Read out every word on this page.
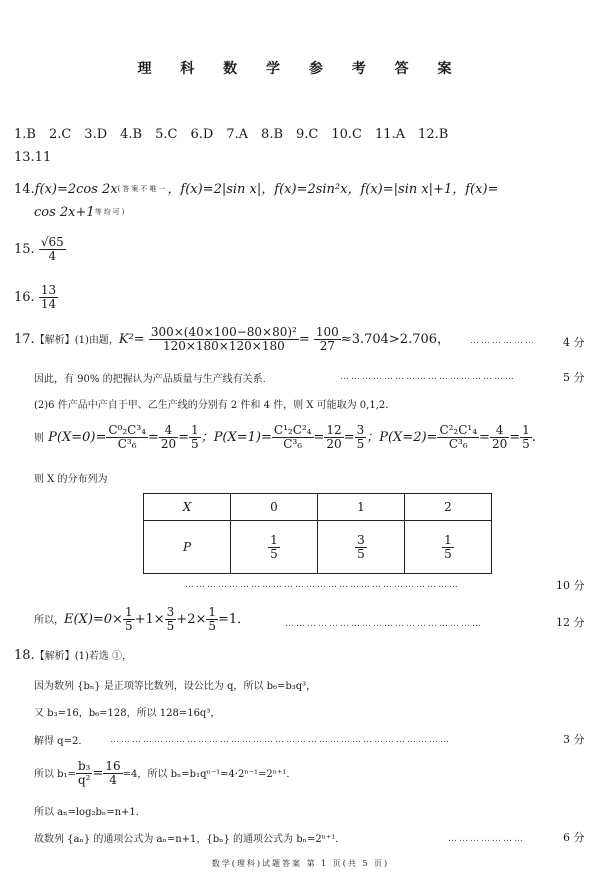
理 科 数 学 参 考 答 案
1.B　2.C　3.D　4.B　5.C　6.D　7.A　8.B　9.C　10.C　11.A　12.B
13.11
14.f(x)=2cos 2x(答案不唯一，f(x)=2|sin x|，f(x)=2sin²x，f(x)=|sin x|+1，f(x)=
cos 2x+1等均可)
15. $\frac{√65}{4}$
16. $\frac{13}{14}$
17.【解析】(1)由题，$K^2= \frac{\text{300×(40×100−80×80)²}}{120\times 180\times 120\times 180} = \frac{100}{27} \approx 3.704>2.706$， ……………… 4 分
因此，有 90% 的把握认为产品质量与生产线有关系．	…………………………………………	5 分
(2)6 件产品中产自于甲、乙生产线的分别有 2 件和 4 件，则 X 可能取为 0,1,2．
则 $P(X=0)= \frac{\text{C⁰₂C³₄}}{\text{C³₆}} = \frac{4}{20} = \frac{1}{5}$ ；$P(X=1)= \frac{\text{C¹₂C²₄}}{\text{C³₆}} = \frac{12}{20} = \frac{3}{5}$ ；$P(X=2)= \frac{\text{C²₂C¹₄}}{\text{C³₆}} = \frac{4}{20} = \frac{1}{5}$ .
则 X 的分布列为
X	0	1	2
P	$\frac{1}{5}$	$\frac{3}{5}$	$\frac{1}{5}$
…………………………………………………………………	10 分
所以，$E(X)=0\times \frac{1}{5} +1\times \frac{3}{5} +2\times \frac{1}{5} =1$．	………………………………………………	12 分
18.【解析】(1)若选 ①，
因为数列 {bₙ} 是正项等比数列，设公比为 q，所以 b₆=b₃q³，
又 b₃=16，b₆=128，所以 128=16q³，
解得 q=2． …………………………………………………………………………………	3 分
所以 $b_1= \frac{\text{b₃}}{\text{q²}} = \frac{16}{4} =4$，所以 bₙ=b₁qⁿ⁻¹=4·2ⁿ⁻¹=2ⁿ⁺¹．
所以 aₙ=log₂bₙ=n+1．
故数列 {aₙ} 的通项公式为 aₙ=n+1，{bₙ} 的通项公式为 bₙ=2ⁿ⁺¹．	…………………	6 分
数学(理科)试题答案 第 1 页(共 5 页)
